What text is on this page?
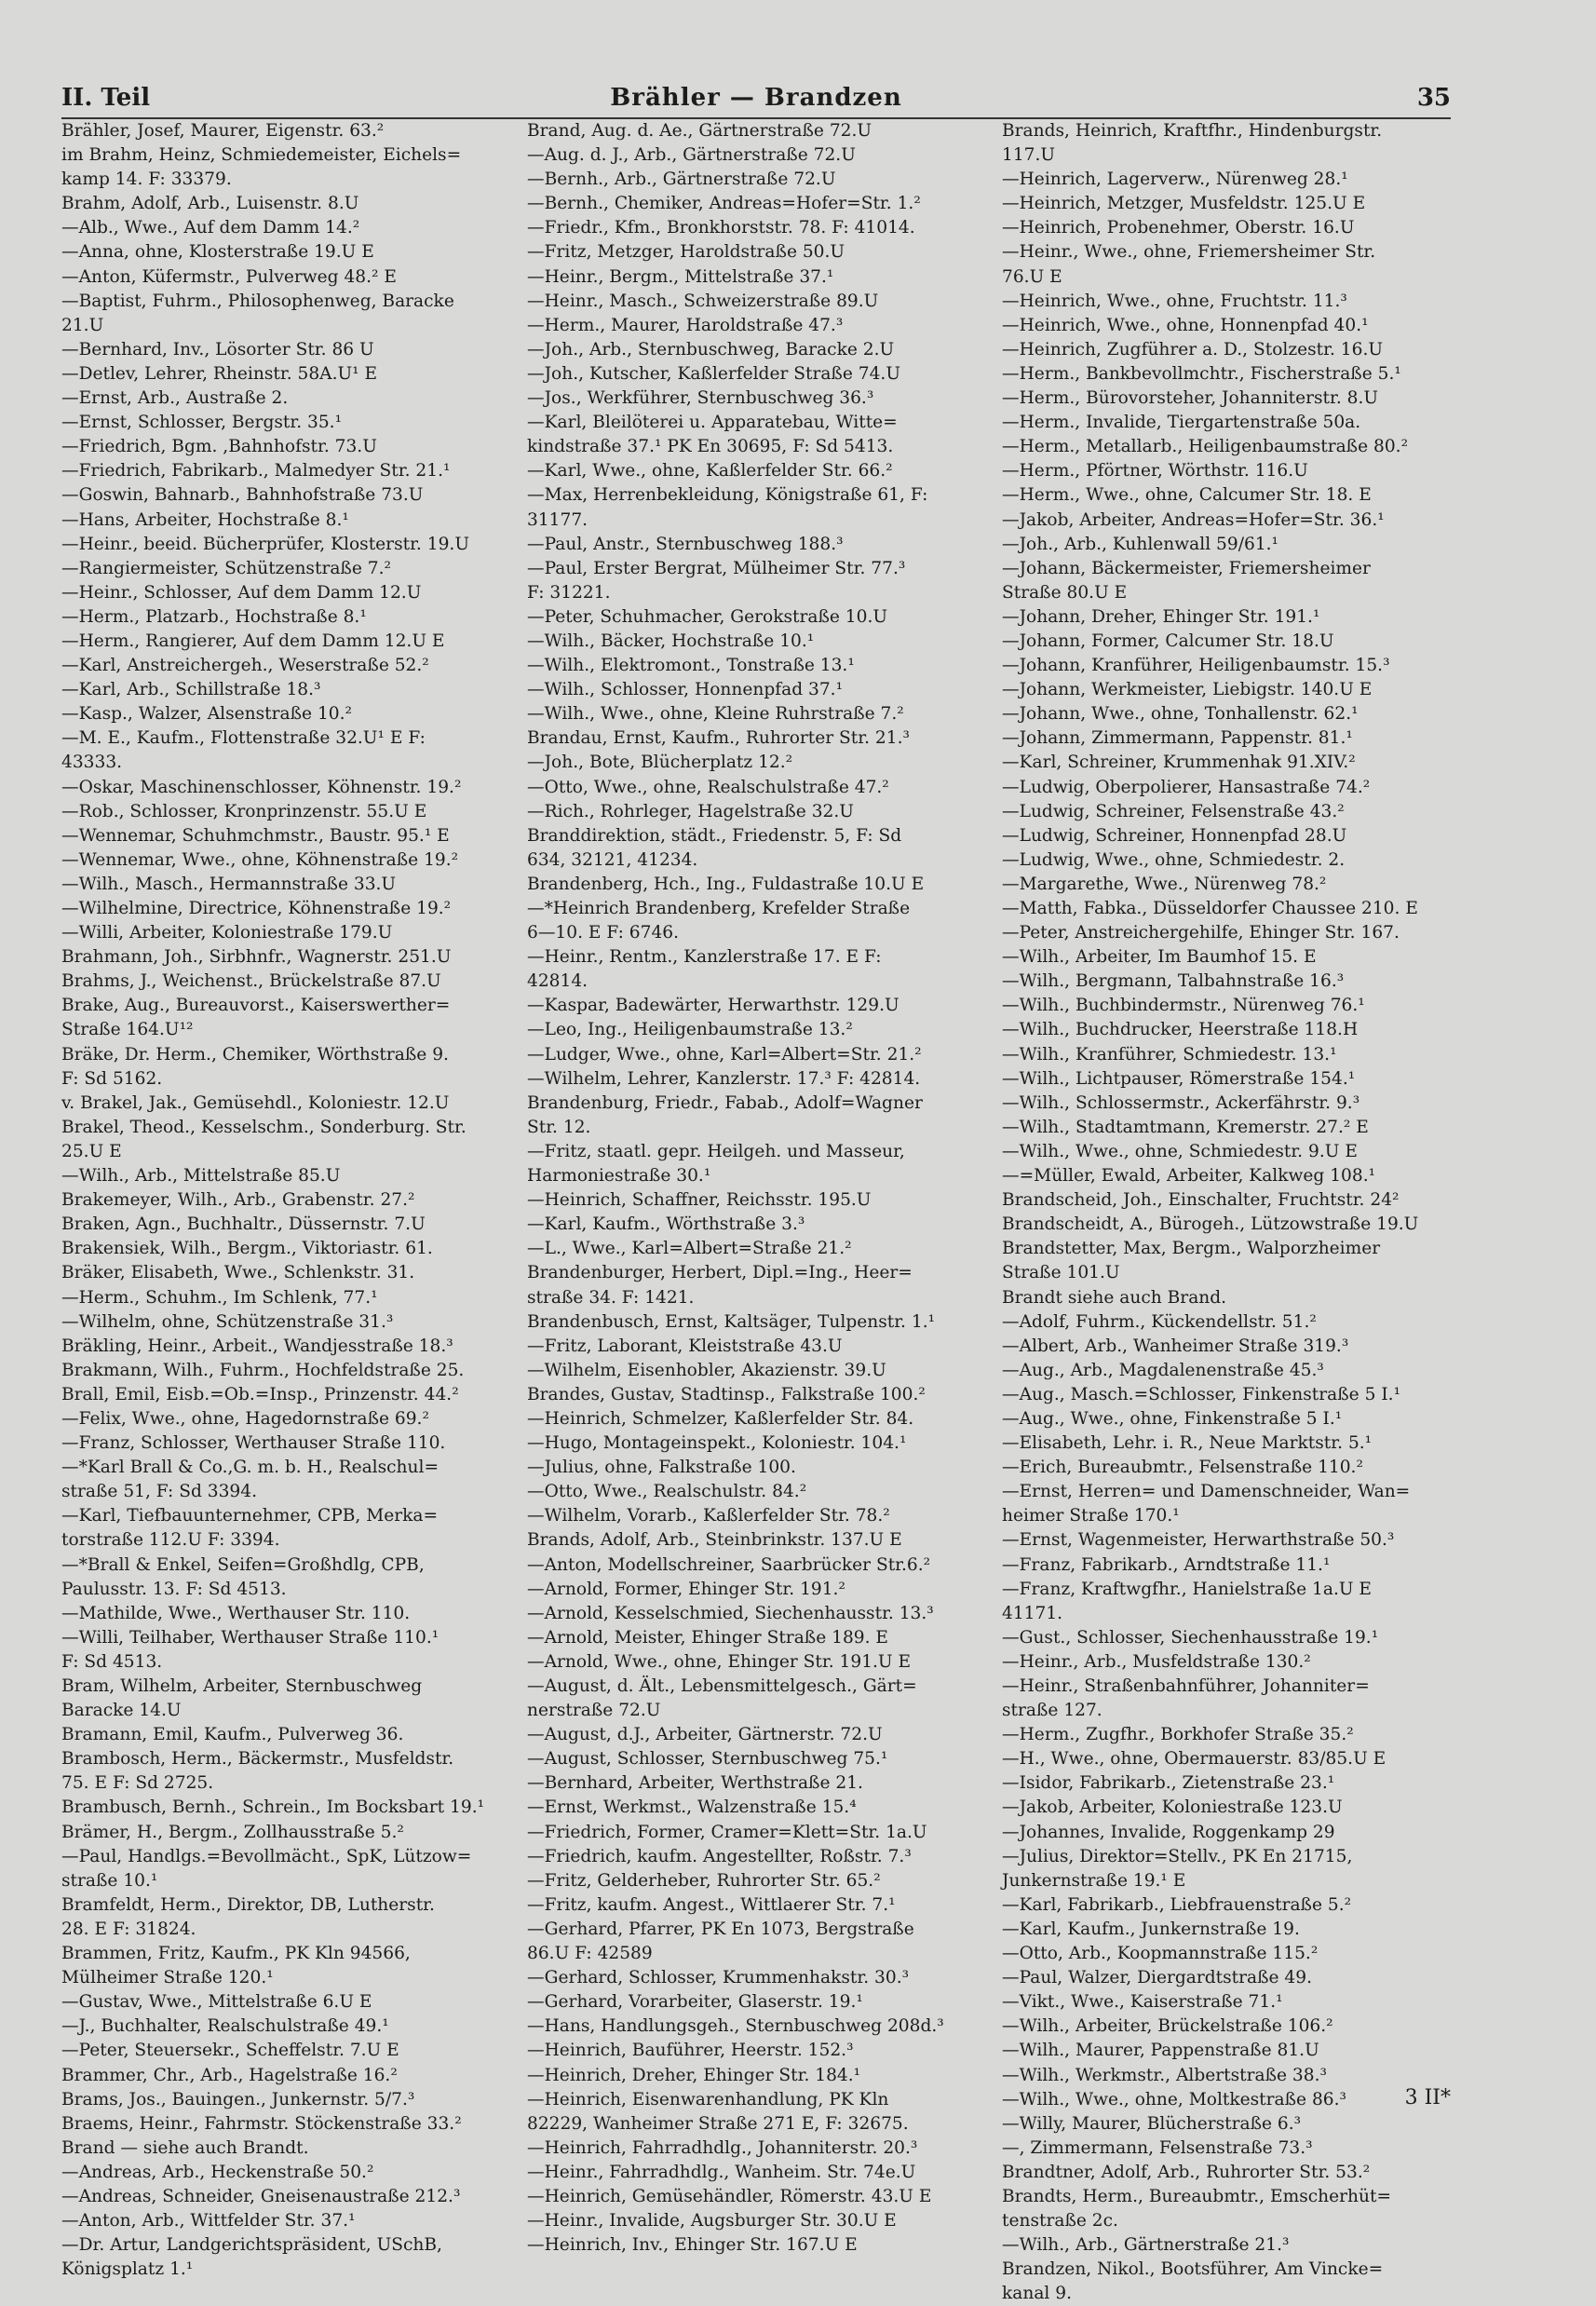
Brähler — Brandzen
II. Teil	35
Brähler, Josef, Maurer, Eigenstr. 63.²
im Brahm, Heinz, Schmiedemeister, Eichels=
kamp 14. F: 33379.
Brahm, Adolf, Arb., Luisenstr. 8.U
—Alb., Wwe., Auf dem Damm 14.²
—Anna, ohne, Klosterstraße 19.U E
—Anton, Küfermstr., Pulverweg 48.² E
—Baptist, Fuhrm., Philosophenweg, Baracke
21.U
—Bernhard, Inv., Lösorter Str. 86 U
—Detlev, Lehrer, Rheinstr. 58A.U¹ E
—Ernst, Arb., Austraße 2.
—Ernst, Schlosser, Bergstr. 35.¹
—Friedrich, Bgm. ,Bahnhofstr. 73.U
—Friedrich, Fabrikarb., Malmedyer Str. 21.¹
—Goswin, Bahnarb., Bahnhofstraße 73.U
—Hans, Arbeiter, Hochstraße 8.¹
—Heinr., beeid. Bücherprüfer, Klosterstr. 19.U
—Rangiermeister, Schützenstraße 7.²
—Heinr., Schlosser, Auf dem Damm 12.U
—Herm., Platzarb., Hochstraße 8.¹
—Herm., Rangierer, Auf dem Damm 12.U E
—Karl, Anstreichergeh., Weserstraße 52.²
—Karl, Arb., Schillstraße 18.³
—Kasp., Walzer, Alsenstraße 10.²
—M. E., Kaufm., Flottenstraße 32.U¹ E F:
43333.
—Oskar, Maschinenschlosser, Köhnenstr. 19.²
—Rob., Schlosser, Kronprinzenstr. 55.U E
—Wennemar, Schuhmchmstr., Baustr. 95.¹ E
—Wennemar, Wwe., ohne, Köhnenstraße 19.²
—Wilh., Masch., Hermannstraße 33.U
—Wilhelmine, Directrice, Köhnenstraße 19.²
—Willi, Arbeiter, Koloniestraße 179.U
Brahmann, Joh., Sirbhnfr., Wagnerstr. 251.U
Brahms, J., Weichenst., Brückelstraße 87.U
Brake, Aug., Bureauvorst., Kaiserswerther=
Straße 164.U¹²
Bräke, Dr. Herm., Chemiker, Wörthstraße 9.
F: Sd 5162.
v. Brakel, Jak., Gemüsehdl., Koloniestr. 12.U
Brakel, Theod., Kesselschm., Sonderburg. Str.
25.U E
—Wilh., Arb., Mittelstraße 85.U
Brakemeyer, Wilh., Arb., Grabenstr. 27.²
Braken, Agn., Buchhaltr., Düssernstr. 7.U
Brakensiek, Wilh., Bergm., Viktoriastr. 61.
Bräker, Elisabeth, Wwe., Schlenkstr. 31.
—Herm., Schuhm., Im Schlenk, 77.¹
—Wilhelm, ohne, Schützenstraße 31.³
Bräkling, Heinr., Arbeit., Wandjesstraße 18.³
Brakmann, Wilh., Fuhrm., Hochfeldstraße 25.
Brall, Emil, Eisb.=Ob.=Insp., Prinzenstr. 44.²
—Felix, Wwe., ohne, Hagedornstraße 69.²
—Franz, Schlosser, Werthauser Straße 110.
—*Karl Brall & Co.,G. m. b. H., Realschul=
straße 51, F: Sd 3394.
—Karl, Tiefbauunternehmer, CPB, Merka=
torstraße 112.U F: 3394.
—*Brall & Enkel, Seifen=Großhdlg, CPB,
Paulusstr. 13. F: Sd 4513.
—Mathilde, Wwe., Werthauser Str. 110.
—Willi, Teilhaber, Werthauser Straße 110.¹
F: Sd 4513.
Bram, Wilhelm, Arbeiter, Sternbuschweg
Baracke 14.U
Bramann, Emil, Kaufm., Pulverweg 36.
Brambosch, Herm., Bäckermstr., Musfeldstr.
75. E F: Sd 2725.
Brambusch, Bernh., Schrein., Im Bocksbart 19.¹
Brämer, H., Bergm., Zollhausstraße 5.²
—Paul, Handlgs.=Bevollmächt., SpK, Lützow=
straße 10.¹
Bramfeldt, Herm., Direktor, DB, Lutherstr.
28. E F: 31824.
Brammen, Fritz, Kaufm., PK Kln 94566,
Mülheimer Straße 120.¹
—Gustav, Wwe., Mittelstraße 6.U E
—J., Buchhalter, Realschulstraße 49.¹
—Peter, Steuersekr., Scheffelstr. 7.U E
Brammer, Chr., Arb., Hagelstraße 16.²
Brams, Jos., Bauingen., Junkernstr. 5/7.³
Braems, Heinr., Fahrmstr. Stöckenstraße 33.²
Brand — siehe auch Brandt.
—Andreas, Arb., Heckenstraße 50.²
—Andreas, Schneider, Gneisenaustraße 212.³
—Anton, Arb., Wittfelder Str. 37.¹
—Dr. Artur, Landgerichtspräsident, USchB,
Königsplatz 1.¹
Brand, Aug. d. Ae., Gärtnerstraße 72.U
—Aug. d. J., Arb., Gärtnerstraße 72.U
—Bernh., Arb., Gärtnerstraße 72.U
—Bernh., Chemiker, Andreas=Hofer=Str. 1.²
—Friedr., Kfm., Bronkhorststr. 78. F: 41014.
—Fritz, Metzger, Haroldstraße 50.U
—Heinr., Bergm., Mittelstraße 37.¹
—Heinr., Masch., Schweizerstraße 89.U
—Herm., Maurer, Haroldstraße 47.³
—Joh., Arb., Sternbuschweg, Baracke 2.U
—Joh., Kutscher, Kaßlerfelder Straße 74.U
—Jos., Werkführer, Sternbuschweg 36.³
—Karl, Bleilöterei u. Apparatebau, Witte=
kindstraße 37.¹ PK En 30695, F: Sd 5413.
—Karl, Wwe., ohne, Kaßlerfelder Str. 66.²
—Max, Herrenbekleidung, Königstraße 61, F:
31177.
—Paul, Anstr., Sternbuschweg 188.³
—Paul, Erster Bergrat, Mülheimer Str. 77.³
F: 31221.
—Peter, Schuhmacher, Gerokstraße 10.U
—Wilh., Bäcker, Hochstraße 10.¹
—Wilh., Elektromont., Tonstraße 13.¹
—Wilh., Schlosser, Honnenpfad 37.¹
—Wilh., Wwe., ohne, Kleine Ruhrstraße 7.²
Brandau, Ernst, Kaufm., Ruhrorter Str. 21.³
—Joh., Bote, Blücherplatz 12.²
—Otto, Wwe., ohne, Realschulstraße 47.²
—Rich., Rohrleger, Hagelstraße 32.U
Branddirektion, städt., Friedenstr. 5, F: Sd
634, 32121, 41234.
Brandenberg, Hch., Ing., Fuldastraße 10.U E
—*Heinrich Brandenberg, Krefelder Straße
6—10. E F: 6746.
—Heinr., Rentm., Kanzlerstraße 17. E F:
42814.
—Kaspar, Badewärter, Herwarthstr. 129.U
—Leo, Ing., Heiligenbaumstraße 13.²
—Ludger, Wwe., ohne, Karl=Albert=Str. 21.²
—Wilhelm, Lehrer, Kanzlerstr. 17.³ F: 42814.
Brandenburg, Friedr., Fabab., Adolf=Wagner
Str. 12.
—Fritz, staatl. gepr. Heilgeh. und Masseur,
Harmoniestraße 30.¹
—Heinrich, Schaffner, Reichsstr. 195.U
—Karl, Kaufm., Wörthstraße 3.³
—L., Wwe., Karl=Albert=Straße 21.²
Brandenburger, Herbert, Dipl.=Ing., Heer=
straße 34. F: 1421.
Brandenbusch, Ernst, Kaltsäger, Tulpenstr. 1.¹
—Fritz, Laborant, Kleiststraße 43.U
—Wilhelm, Eisenhobler, Akazienstr. 39.U
Brandes, Gustav, Stadtinsp., Falkstraße 100.²
—Heinrich, Schmelzer, Kaßlerfelder Str. 84.
—Hugo, Montageinspekt., Koloniestr. 104.¹
—Julius, ohne, Falkstraße 100.
—Otto, Wwe., Realschulstr. 84.²
—Wilhelm, Vorarb., Kaßlerfelder Str. 78.²
Brands, Adolf, Arb., Steinbrinkstr. 137.U E
—Anton, Modellschreiner, Saarbrücker Str.6.²
—Arnold, Former, Ehinger Str. 191.²
—Arnold, Kesselschmied, Siechenhausstr. 13.³
—Arnold, Meister, Ehinger Straße 189. E
—Arnold, Wwe., ohne, Ehinger Str. 191.U E
—August, d. Ält., Lebensmittelgesch., Gärt=
nerstraße 72.U
—August, d.J., Arbeiter, Gärtnerstr. 72.U
—August, Schlosser, Sternbuschweg 75.¹
—Bernhard, Arbeiter, Werthstraße 21.
—Ernst, Werkmst., Walzenstraße 15.⁴
—Friedrich, Former, Cramer=Klett=Str. 1a.U
—Friedrich, kaufm. Angestellter, Roßstr. 7.³
—Fritz, Gelderheber, Ruhrorter Str. 65.²
—Fritz, kaufm. Angest., Wittlaerer Str. 7.¹
—Gerhard, Pfarrer, PK En 1073, Bergstraße
86.U F: 42589
—Gerhard, Schlosser, Krummenhakstr. 30.³
—Gerhard, Vorarbeiter, Glaserstr. 19.¹
—Hans, Handlungsgeh., Sternbuschweg 208d.³
—Heinrich, Bauführer, Heerstr. 152.³
—Heinrich, Dreher, Ehinger Str. 184.¹
—Heinrich, Eisenwarenhandlung, PK Kln
82229, Wanheimer Straße 271 E, F: 32675.
—Heinrich, Fahrradhdlg., Johanniterstr. 20.³
—Heinr., Fahrradhdlg., Wanheim. Str. 74e.U
—Heinrich, Gemüsehändler, Römerstr. 43.U E
—Heinr., Invalide, Augsburger Str. 30.U E
—Heinrich, Inv., Ehinger Str. 167.U E
Brands, Heinrich, Kraftfhr., Hindenburgstr.
117.U
—Heinrich, Lagerverw., Nürenweg 28.¹
—Heinrich, Metzger, Musfeldstr. 125.U E
—Heinrich, Probenehmer, Oberstr. 16.U
—Heinr., Wwe., ohne, Friemersheimer Str.
76.U E
—Heinrich, Wwe., ohne, Fruchtstr. 11.³
—Heinrich, Wwe., ohne, Honnenpfad 40.¹
—Heinrich, Zugführer a. D., Stolzestr. 16.U
—Herm., Bankbevollmchtr., Fischerstraße 5.¹
—Herm., Bürovorsteher, Johanniterstr. 8.U
—Herm., Invalide, Tiergartenstraße 50a.
—Herm., Metallarb., Heiligenbaumstraße 80.²
—Herm., Pförtner, Wörthstr. 116.U
—Herm., Wwe., ohne, Calcumer Str. 18. E
—Jakob, Arbeiter, Andreas=Hofer=Str. 36.¹
—Joh., Arb., Kuhlenwall 59/61.¹
—Johann, Bäckermeister, Friemersheimer
Straße 80.U E
—Johann, Dreher, Ehinger Str. 191.¹
—Johann, Former, Calcumer Str. 18.U
—Johann, Kranführer, Heiligenbaumstr. 15.³
—Johann, Werkmeister, Liebigstr. 140.U E
—Johann, Wwe., ohne, Tonhallenstr. 62.¹
—Johann, Zimmermann, Pappenstr. 81.¹
—Karl, Schreiner, Krummenhak 91.XIV.²
—Ludwig, Oberpolierer, Hansastraße 74.²
—Ludwig, Schreiner, Felsenstraße 43.²
—Ludwig, Schreiner, Honnenpfad 28.U
—Ludwig, Wwe., ohne, Schmiedestr. 2.
—Margarethe, Wwe., Nürenweg 78.²
—Matth, Fabka., Düsseldorfer Chaussee 210. E
—Peter, Anstreichergehilfe, Ehinger Str. 167.
—Wilh., Arbeiter, Im Baumhof 15. E
—Wilh., Bergmann, Talbahnstraße 16.³
—Wilh., Buchbindermstr., Nürenweg 76.¹
—Wilh., Buchdrucker, Heerstraße 118.H
—Wilh., Kranführer, Schmiedestr. 13.¹
—Wilh., Lichtpauser, Römerstraße 154.¹
—Wilh., Schlossermstr., Ackerfährstr. 9.³
—Wilh., Stadtamtmann, Kremerstr. 27.² E
—Wilh., Wwe., ohne, Schmiedestr. 9.U E
—=Müller, Ewald, Arbeiter, Kalkweg 108.¹
Brandscheid, Joh., Einschalter, Fruchtstr. 24²
Brandscheidt, A., Bürogeh., Lützowstraße 19.U
Brandstetter, Max, Bergm., Walporzheimer
Straße 101.U
Brandt siehe auch Brand.
—Adolf, Fuhrm., Kückendellstr. 51.²
—Albert, Arb., Wanheimer Straße 319.³
—Aug., Arb., Magdalenenstraße 45.³
—Aug., Masch.=Schlosser, Finkenstraße 5 I.¹
—Aug., Wwe., ohne, Finkenstraße 5 I.¹
—Elisabeth, Lehr. i. R., Neue Marktstr. 5.¹
—Erich, Bureaubmtr., Felsenstraße 110.²
—Ernst, Herren= und Damenschneider, Wan=
heimer Straße 170.¹
—Ernst, Wagenmeister, Herwarthstraße 50.³
—Franz, Fabrikarb., Arndtstraße 11.¹
—Franz, Kraftwgfhr., Hanielstraße 1a.U E
41171.
—Gust., Schlosser, Siechenhausstraße 19.¹
—Heinr., Arb., Musfeldstraße 130.²
—Heinr., Straßenbahnführer, Johanniter=
straße 127.
—Herm., Zugfhr., Borkhofer Straße 35.²
—H., Wwe., ohne, Obermauerstr. 83/85.U E
—Isidor, Fabrikarb., Zietenstraße 23.¹
—Jakob, Arbeiter, Koloniestraße 123.U
—Johannes, Invalide, Roggenkamp 29
—Julius, Direktor=Stellv., PK En 21715,
Junkernstraße 19.¹ E
—Karl, Fabrikarb., Liebfrauenstraße 5.²
—Karl, Kaufm., Junkernstraße 19.
—Otto, Arb., Koopmannstraße 115.²
—Paul, Walzer, Diergardtstraße 49.
—Vikt., Wwe., Kaiserstraße 71.¹
—Wilh., Arbeiter, Brückelstraße 106.²
—Wilh., Maurer, Pappenstraße 81.U
—Wilh., Werkmstr., Albertstraße 38.³
—Wilh., Wwe., ohne, Moltkestraße 86.³
—Willy, Maurer, Blücherstraße 6.³
—, Zimmermann, Felsenstraße 73.³
Brandtner, Adolf, Arb., Ruhrorter Str. 53.²
Brandts, Herm., Bureaubmtr., Emscherhüt=
tenstraße 2c.
—Wilh., Arb., Gärtnerstraße 21.³
Brandzen, Nikol., Bootsführer, Am Vincke=
kanal 9.
3 II*
